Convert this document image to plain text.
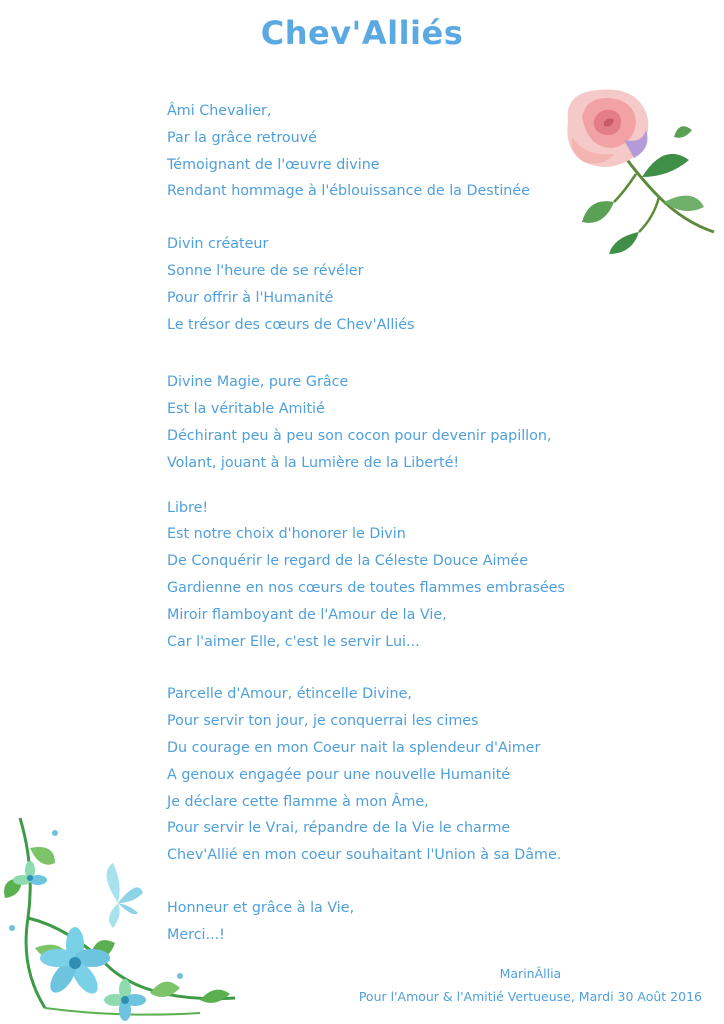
Chev'Alliés
Âmi Chevalier,
Par la grâce retrouvé
Témoignant de l'œuvre divine
Rendant hommage à l'éblouissance de la Destinée
Divin créateur
Sonne l'heure de se révéler
Pour offrir à l'Humanité
Le trésor des cœurs de Chev'Alliés
Divine Magie, pure Grâce
Est la véritable Amitié
Déchirant peu à peu son cocon pour devenir papillon,
Volant, jouant à la Lumière de la Liberté!
Libre!
Est notre choix d'honorer le Divin
De Conquérir le regard de la Céleste Douce Aimée
Gardienne en nos cœurs de toutes flammes embrasées
Miroir flamboyant de l'Amour de la Vie,
Car l'aimer Elle, c'est le servir Lui...
Parcelle d'Amour, étincelle Divine,
Pour servir ton jour, je conquerrai les cimes
Du courage en mon Coeur nait la splendeur d'Aimer
A genoux engagée pour une nouvelle Humanité
Je déclare cette flamme à mon Âme,
Pour servir le Vrai, répandre de la Vie le charme
Chev'Allié en mon coeur souhaitant l'Union à sa Dâme.
Honneur et grâce à la Vie,
Merci...!
MarinÂllia
Pour l'Amour & l'Amitié Vertueuse, Mardi 30 Août 2016
